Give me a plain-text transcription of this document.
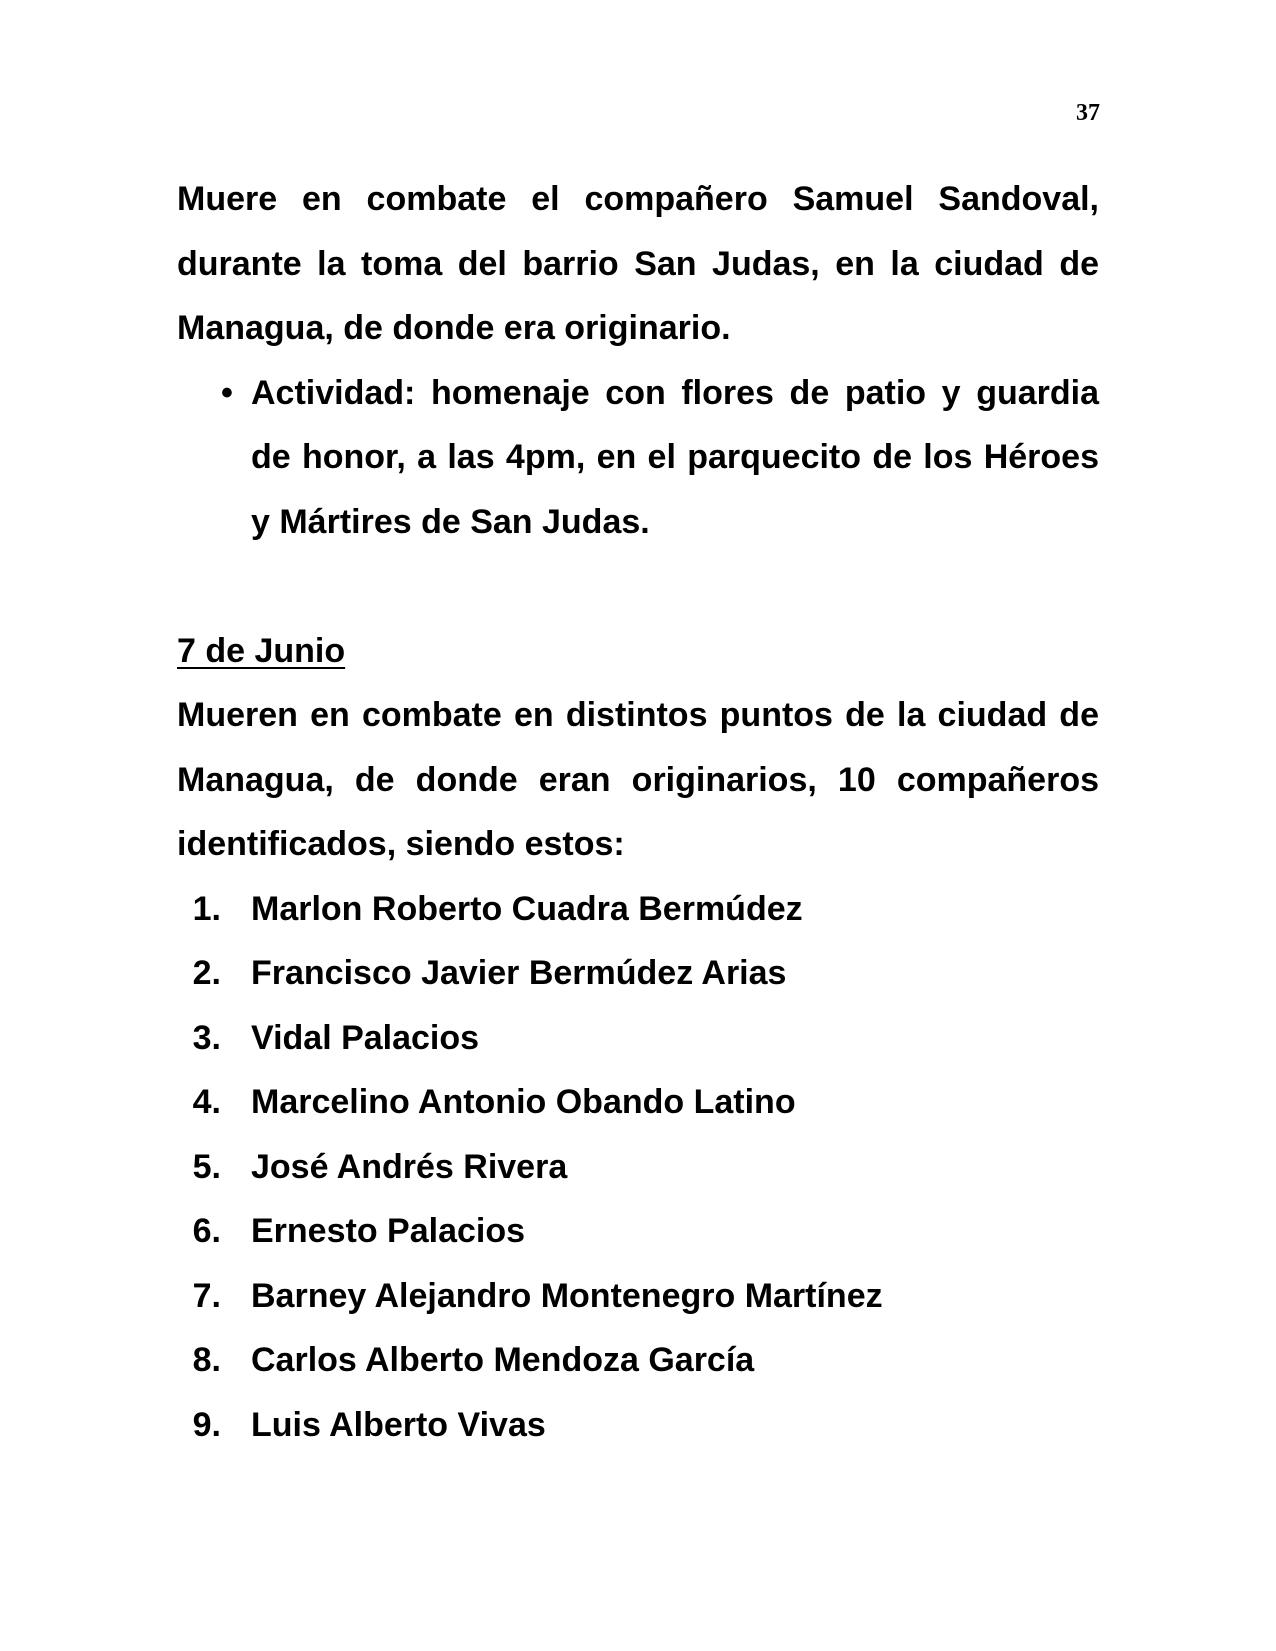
37

Muere en combate el compañero Samuel Sandoval, durante la toma del barrio San Judas, en la ciudad de Managua, de donde era originario.

• Actividad: homenaje con flores de patio y guardia de honor, a las 4pm, en el parquecito de los Héroes y Mártires de San Judas.
7 de Junio

Mueren en combate en distintos puntos de la ciudad de Managua, de donde eran originarios, 10 compañeros identificados, siendo estos:

1. Marlon Roberto Cuadra Bermúdez
2. Francisco Javier Bermúdez Arias
3. Vidal Palacios
4. Marcelino Antonio Obando Latino
5. José Andrés Rivera
6. Ernesto Palacios
7. Barney Alejandro Montenegro Martínez
8. Carlos Alberto Mendoza García
9. Luis Alberto Vivas
